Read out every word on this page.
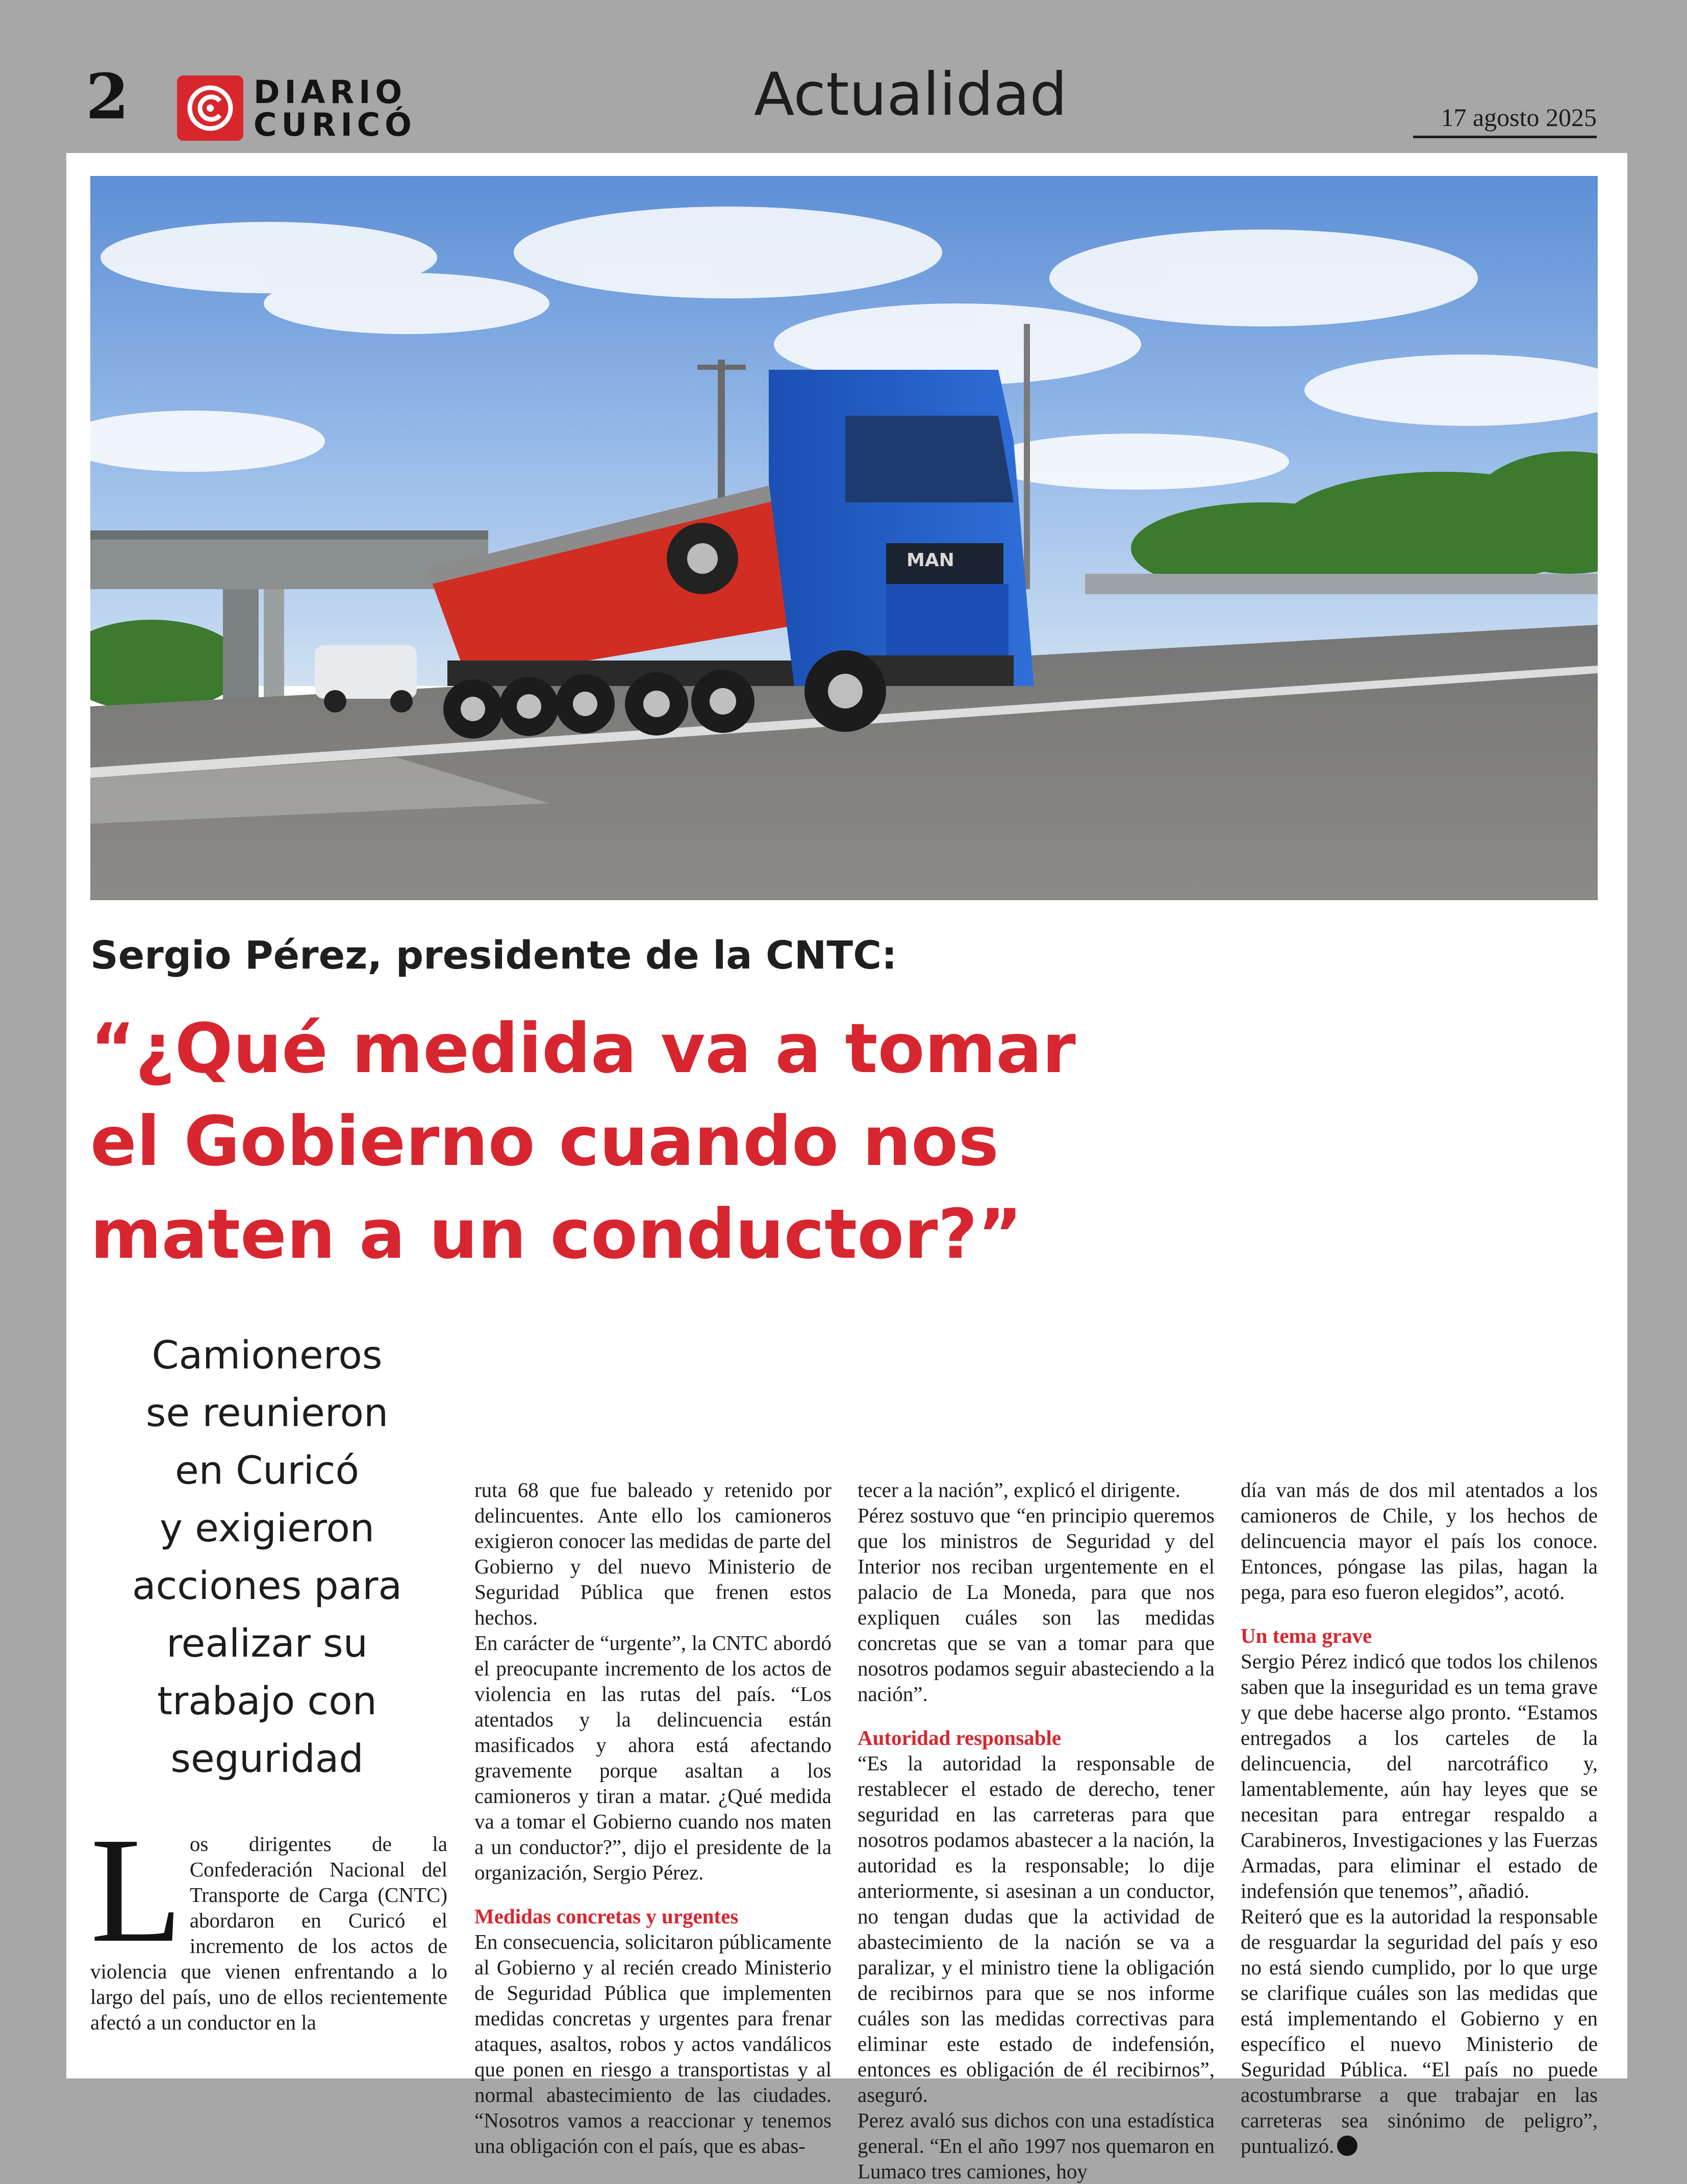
2	DIARIO
CURICÓ	Actualidad	17 agosto 2025
MAN
Sergio Pérez, presidente de la CNTC:
“¿Qué medida va a tomar
el Gobierno cuando nos
maten a un conductor?”
Camioneros
se reunieron
en Curicó
y exigieron
acciones para
realizar su
trabajo con
seguridad
L os dirigentes de la Confederación Nacional del Transporte de Carga (CNTC) abordaron en Curicó el incremento de los actos de violencia que vienen enfrentando a lo largo del país, uno de ellos recientemente afectó a un conductor en la

ruta 68 que fue baleado y retenido por delincuentes. Ante ello los camioneros exigieron conocer las medidas de parte del Gobierno y del nuevo Ministerio de Seguridad Pública que frenen estos hechos.

En carácter de “urgente”, la CNTC abordó el preocupante incremento de los actos de violencia en las rutas del país. “Los atentados y la delincuencia están masificados y ahora está afectando gravemente porque asaltan a los camioneros y tiran a matar. ¿Qué medida va a tomar el Gobierno cuando nos maten a un conductor?”, dijo el presidente de la organización, Sergio Pérez.

Medidas concretas y urgentes

En consecuencia, solicitaron públicamente al Gobierno y al recién creado Ministerio de Seguridad Pública que implementen medidas concretas y urgentes para frenar ataques, asaltos, robos y actos vandálicos que ponen en riesgo a transportistas y al normal abastecimiento de las ciudades. “Nosotros vamos a reaccionar y tenemos una obligación con el país, que es abas-

tecer a la nación”, explicó el dirigente.

Pérez sostuvo que “en principio queremos que los ministros de Seguridad y del Interior nos reciban urgentemente en el palacio de La Moneda, para que nos expliquen cuáles son las medidas concretas que se van a tomar para que nosotros podamos seguir abasteciendo a la nación”.

Autoridad responsable

“Es la autoridad la responsable de restablecer el estado de derecho, tener seguridad en las carreteras para que nosotros podamos abastecer a la nación, la autoridad es la responsable; lo dije anteriormente, si asesinan a un conductor, no tengan dudas que la actividad de abastecimiento de la nación se va a paralizar, y el ministro tiene la obligación de recibirnos para que se nos informe cuáles son las medidas correctivas para eliminar este estado de indefensión, entonces es obligación de él recibirnos”, aseguró.

Perez avaló sus dichos con una estadística general. “En el año 1997 nos quemaron en Lumaco tres camiones, hoy

día van más de dos mil atentados a los camioneros de Chile, y los hechos de delincuencia mayor el país los conoce. Entonces, póngase las pilas, hagan la pega, para eso fueron elegidos”, acotó.

Un tema grave

Sergio Pérez indicó que todos los chilenos saben que la inseguridad es un tema grave y que debe hacerse algo pronto. “Estamos entregados a los carteles de la delincuencia, del narcotráfico y, lamentablemente, aún hay leyes que se necesitan para entregar respaldo a Carabineros, Investigaciones y las Fuerzas Armadas, para eliminar el estado de indefensión que tenemos”, añadió.

Reiteró que es la autoridad la responsable de resguardar la seguridad del país y eso no está siendo cumplido, por lo que urge se clarifique cuáles son las medidas que está implementando el Gobierno y en específico el nuevo Ministerio de Seguridad Pública. “El país no puede acostumbrarse a que trabajar en las carreteras sea sinónimo de peligro”, puntualizó.
